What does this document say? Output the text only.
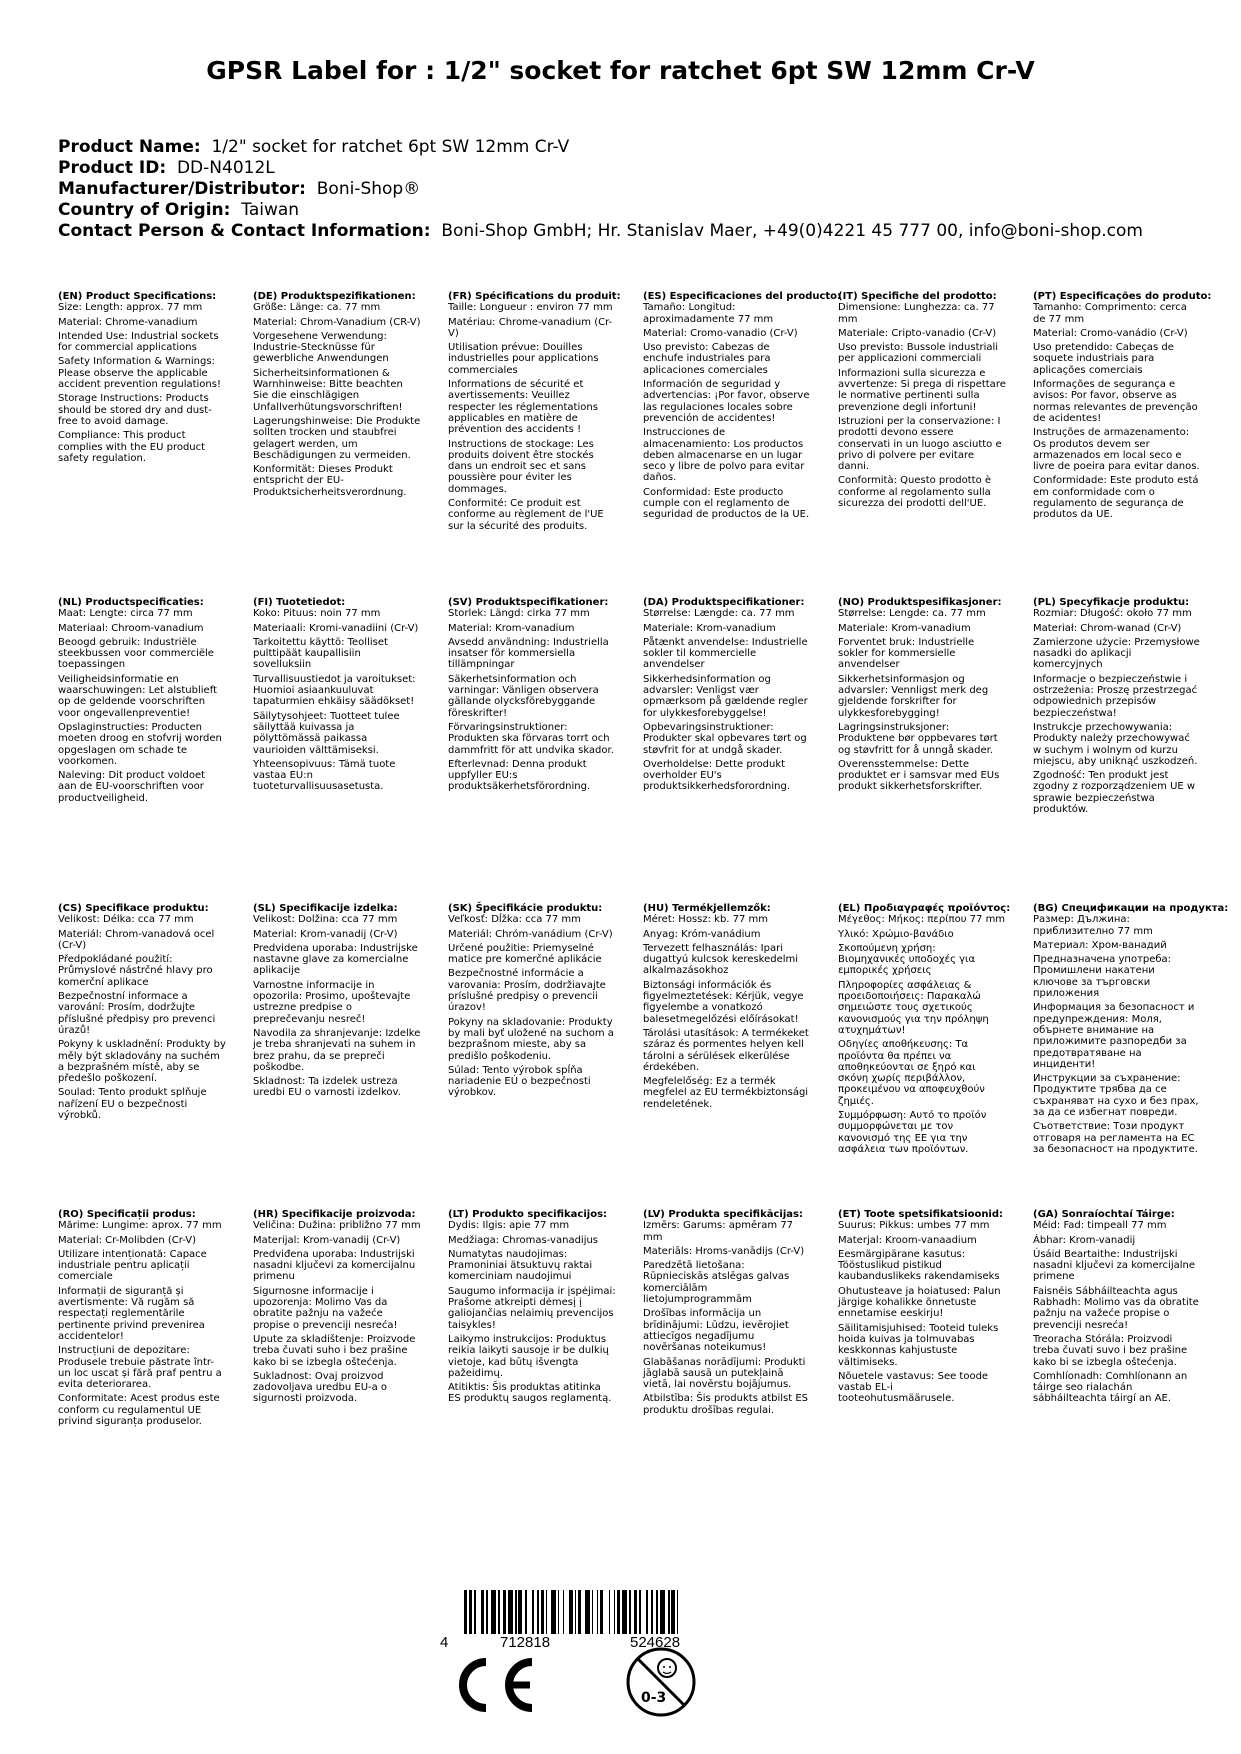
GPSR Label for : 1/2" socket for ratchet 6pt SW 12mm Cr-V
Product Name: 1/2" socket for ratchet 6pt SW 12mm Cr-V
Product ID: DD-N4012L
Manufacturer/Distributor: Boni-Shop®
Country of Origin: Taiwan
Contact Person & Contact Information: Boni-Shop GmbH; Hr. Stanislav Maer, +49(0)4221 45 777 00, info@boni-shop.com
(EN) Product Specifications:
Size: Length: approx. 77 mm
Material: Chrome-vanadium
Intended Use: Industrial sockets for commercial applications
Safety Information & Warnings: Please observe the applicable accident prevention regulations!
Storage Instructions: Products should be stored dry and dust-free to avoid damage.
Compliance: This product complies with the EU product safety regulation.
(DE) Produktspezifikationen:
Größe: Länge: ca. 77 mm
Material: Chrom-Vanadium (CR-V)
Vorgesehene Verwendung: Industrie-Stecknüsse für gewerbliche Anwendungen
Sicherheitsinformationen & Warnhinweise: Bitte beachten Sie die einschlägigen Unfallverhütungsvorschriften!
Lagerungshinweise: Die Produkte sollten trocken und staubfrei gelagert werden, um Beschädigungen zu vermeiden.
Konformität: Dieses Produkt entspricht der EU-Produktsicherheitsverordnung.
(FR) Spécifications du produit:
Taille: Longueur : environ 77 mm
Matériau: Chrome-vanadium (Cr-V)
Utilisation prévue: Douilles industrielles pour applications commerciales
Informations de sécurité et avertissements: Veuillez respecter les réglementations applicables en matière de prévention des accidents !
Instructions de stockage: Les produits doivent être stockés dans un endroit sec et sans poussière pour éviter les dommages.
Conformité: Ce produit est conforme au règlement de l'UE sur la sécurité des produits.
(ES) Especificaciones del producto:
Tamaño: Longitud: aproximadamente 77 mm
Material: Cromo-vanadio (Cr-V)
Uso previsto: Cabezas de enchufe industriales para aplicaciones comerciales
Información de seguridad y advertencias: ¡Por favor, observe las regulaciones locales sobre prevención de accidentes!
Instrucciones de almacenamiento: Los productos deben almacenarse en un lugar seco y libre de polvo para evitar daños.
Conformidad: Este producto cumple con el reglamento de seguridad de productos de la UE.
(IT) Specifiche del prodotto:
Dimensione: Lunghezza: ca. 77 mm
Materiale: Cripto-vanadio (Cr-V)
Uso previsto: Bussole industriali per applicazioni commerciali
Informazioni sulla sicurezza e avvertenze: Si prega di rispettare le normative pertinenti sulla prevenzione degli infortuni!
Istruzioni per la conservazione: I prodotti devono essere conservati in un luogo asciutto e privo di polvere per evitare danni.
Conformità: Questo prodotto è conforme al regolamento sulla sicurezza dei prodotti dell'UE.
(PT) Especificações do produto:
Tamanho: Comprimento: cerca de 77 mm
Material: Cromo-vanádio (Cr-V)
Uso pretendido: Cabeças de soquete industriais para aplicações comerciais
Informações de segurança e avisos: Por favor, observe as normas relevantes de prevenção de acidentes!
Instruções de armazenamento: Os produtos devem ser armazenados em local seco e livre de poeira para evitar danos.
Conformidade: Este produto está em conformidade com o regulamento de segurança de produtos da UE.
(NL) Productspecificaties:
Maat: Lengte: circa 77 mm
Materiaal: Chroom-vanadium
Beoogd gebruik: Industriële steekbussen voor commerciële toepassingen
Veiligheidsinformatie en waarschuwingen: Let alstublieft op de geldende voorschriften voor ongevallenpreventie!
Opslaginstructies: Producten moeten droog en stofvrij worden opgeslagen om schade te voorkomen.
Naleving: Dit product voldoet aan de EU-voorschriften voor productveiligheid.
(FI) Tuotetiedot:
Koko: Pituus: noin 77 mm
Materiaali: Kromi-vanadiini (Cr-V)
Tarkoitettu käyttö: Teolliset pulttipäät kaupallisiin sovelluksiin
Turvallisuustiedot ja varoitukset: Huomioi asiaankuuluvat tapaturmien ehkäisy säädökset!
Säilytysohjeet: Tuotteet tulee säilyttää kuivassa ja pölyttömässä paikassa vaurioiden välttämiseksi.
Yhteensopivuus: Tämä tuote vastaa EU:n tuoteturvallisuusasetusta.
(SV) Produktspecifikationer:
Storlek: Längd: cirka 77 mm
Material: Krom-vanadium
Avsedd användning: Industriella insatser för kommersiella tillämpningar
Säkerhetsinformation och varningar: Vänligen observera gällande olycksförebyggande föreskrifter!
Förvaringsinstruktioner: Produkten ska förvaras torrt och dammfritt för att undvika skador.
Efterlevnad: Denna produkt uppfyller EU:s produktsäkerhetsförordning.
(DA) Produktspecifikationer:
Størrelse: Længde: ca. 77 mm
Materiale: Krom-vanadium
Påtænkt anvendelse: Industrielle sokler til kommercielle anvendelser
Sikkerhedsinformation og advarsler: Venligst vær opmærksom på gældende regler for ulykkesforebyggelse!
Opbevaringsinstruktioner: Produkter skal opbevares tørt og støvfrit for at undgå skader.
Overholdelse: Dette produkt overholder EU's produktsikkerhedsforordning.
(NO) Produktspesifikasjoner:
Størrelse: Lengde: ca. 77 mm
Materiale: Krom-vanadium
Forventet bruk: Industrielle sokler for kommersielle anvendelser
Sikkerhetsinformasjon og advarsler: Vennligst merk deg gjeldende forskrifter for ulykkesforebygging!
Lagringsinstruksjoner: Produktene bør oppbevares tørt og støvfritt for å unngå skader.
Overensstemmelse: Dette produktet er i samsvar med EUs produkt sikkerhetsforskrifter.
(PL) Specyfikacje produktu:
Rozmiar: Długość: około 77 mm
Materiał: Chrom-wanad (Cr-V)
Zamierzone użycie: Przemysłowe nasadki do aplikacji komercyjnych
Informacje o bezpieczeństwie i ostrzeżenia: Proszę przestrzegać odpowiednich przepisów bezpieczeństwa!
Instrukcje przechowywania: Produkty należy przechowywać w suchym i wolnym od kurzu miejscu, aby uniknąć uszkodzeń.
Zgodność: Ten produkt jest zgodny z rozporządzeniem UE w sprawie bezpieczeństwa produktów.
(CS) Specifikace produktu:
Velikost: Délka: cca 77 mm
Materiál: Chrom-vanadová ocel (Cr-V)
Předpokládané použití: Průmyslové nástrčné hlavy pro komerční aplikace
Bezpečnostní informace a varování: Prosím, dodržujte příslušné předpisy pro prevenci úrazů!
Pokyny k uskladnění: Produkty by měly být skladovány na suchém a bezprašném místě, aby se předešlo poškození.
Soulad: Tento produkt splňuje nařízení EU o bezpečnosti výrobků.
(SL) Specifikacije izdelka:
Velikost: Dolžina: cca 77 mm
Material: Krom-vanadij (Cr-V)
Predvidena uporaba: Industrijske nastavne glave za komercialne aplikacije
Varnostne informacije in opozorila: Prosimo, upoštevajte ustrezne predpise o preprečevanju nesreč!
Navodila za shranjevanje: Izdelke je treba shranjevati na suhem in brez prahu, da se prepreči poškodbe.
Skladnost: Ta izdelek ustreza uredbi EU o varnosti izdelkov.
(SK) Špecifikácie produktu:
Veľkosť: Dĺžka: cca 77 mm
Materiál: Chróm-vanádium (Cr-V)
Určené použitie: Priemyselné matice pre komerčné aplikácie
Bezpečnostné informácie a varovania: Prosím, dodržiavajte príslušné predpisy o prevencii úrazov!
Pokyny na skladovanie: Produkty by mali byť uložené na suchom a bezprašnom mieste, aby sa predišlo poškodeniu.
Súlad: Tento výrobok spĺňa nariadenie EÚ o bezpečnosti výrobkov.
(HU) Termékjellemzők:
Méret: Hossz: kb. 77 mm
Anyag: Króm-vanádium
Tervezett felhasználás: Ipari dugattyú kulcsok kereskedelmi alkalmazásokhoz
Biztonsági információk és figyelmeztetések: Kérjük, vegye figyelembe a vonatkozó balesetmegelőzési előírásokat!
Tárolási utasítások: A termékeket száraz és pormentes helyen kell tárolni a sérülések elkerülése érdekében.
Megfelelőség: Ez a termék megfelel az EU termékbiztonsági rendeletének.
(EL) Προδιαγραφές προϊόντος:
Μέγεθος: Μήκος: περίπου 77 mm
Υλικό: Χρώμιο-βανάδιο
Σκοπούμενη χρήση: Βιομηχανικές υποδοχές για εμπορικές χρήσεις
Πληροφορίες ασφάλειας & προειδοποιήσεις: Παρακαλώ σημειώστε τους σχετικούς κανονισμούς για την πρόληψη ατυχημάτων!
Οδηγίες αποθήκευσης: Τα προϊόντα θα πρέπει να αποθηκεύονται σε ξηρό και σκόνη χωρίς περιβάλλον, προκειμένου να αποφευχθούν ζημιές.
Συμμόρφωση: Αυτό το προϊόν συμμορφώνεται με τον κανονισμό της ΕΕ για την ασφάλεια των προϊόντων.
(BG) Спецификации на продукта:
Размер: Дължина: приблизително 77 mm
Материал: Хром-ванадий
Предназначена употреба: Промишлени накатени ключове за търговски приложения
Информация за безопасност и предупреждения: Моля, обърнете внимание на приложимите разпоредби за предотвратяване на инциденти!
Инструкции за съхранение: Продуктите трябва да се съхраняват на сухо и без прах, за да се избегнат повреди.
Съответствие: Този продукт отговаря на регламента на ЕС за безопасност на продуктите.
(RO) Specificații produs:
Mărime: Lungime: aprox. 77 mm
Material: Cr-Molibden (Cr-V)
Utilizare intenționată: Capace industriale pentru aplicații comerciale
Informații de siguranță și avertismente: Vă rugăm să respectați reglementările pertinente privind prevenirea accidentelor!
Instrucțiuni de depozitare: Produsele trebuie păstrate într-un loc uscat și fără praf pentru a evita deteriorarea.
Conformitate: Acest produs este conform cu regulamentul UE privind siguranța produselor.
(HR) Specifikacije proizvoda:
Veličina: Dužina: približno 77 mm
Materijal: Krom-vanadij (Cr-V)
Predviđena uporaba: Industrijski nasadni ključevi za komercijalnu primenu
Sigurnosne informacije i upozorenja: Molimo Vas da obratite pažnju na važeće propise o prevenciji nesreća!
Upute za skladištenje: Proizvode treba čuvati suho i bez prašine kako bi se izbegla oštećenja.
Sukladnost: Ovaj proizvod zadovoljava uredbu EU-a o sigurnosti proizvoda.
(LT) Produkto specifikacijos:
Dydis: Ilgis: apie 77 mm
Medžiaga: Chromas-vanadijus
Numatytas naudojimas: Pramoniniai ätsuktuvų raktai komerciniam naudojimui
Saugumo informacija ir įspėjimai: Prašome atkreipti dėmesį į galiojančias nelaimių prevencijos taisykles!
Laikymo instrukcijos: Produktus reikia laikyti sausoje ir be dulkių vietoje, kad būtų išvengta pažeidimų.
Atitiktis: Šis produktas atitinka ES produktų saugos reglamentą.
(LV) Produkta specifikācijas:
Izmērs: Garums: apmēram 77 mm
Materiāls: Hroms-vanādijs (Cr-V)
Paredzētā lietošana: Rūpnieciskās atslēgas galvas komerciālām lietojumprogrammām
Drošības informācija un brīdinājumi: Lūdzu, ievērojiet attiecīgos negadījumu novēršanas noteikumus!
Glabāšanas norādījumi: Produkti jāglabā sausā un putekļainā vietā, lai novērstu bojājumus.
Atbilstība: Šis produkts atbilst ES produktu drošības regulai.
(ET) Toote spetsifikatsioonid:
Suurus: Pikkus: umbes 77 mm
Materjal: Kroom-vanaadium
Eesmärgipärane kasutus: Tööstuslikud pistikud kaubanduslikeks rakendamiseks
Ohutusteave ja hoiatused: Palun järgige kohalikke õnnetuste ennetamise eeskirju!
Säilitamisjuhised: Tooteid tuleks hoida kuivas ja tolmuvabas keskkonnas kahjustuste vältimiseks.
Nõuetele vastavus: See toode vastab EL-i tooteohutusmäärusele.
(GA) Sonraíochtaí Táirge:
Méid: Fad: timpeall 77 mm
Ábhar: Krom-vanadij
Úsáid Beartaithe: Industrijski nasadni ključevi za komercijalne primene
Faisnéis Sábháilteachta agus Rabhadh: Molimo vas da obratite pažnju na važeće propise o prevenciji nesreća!
Treoracha Stórála: Proizvodi treba čuvati suvo i bez prašine kako bi se izbegla oštećenja.
Comhlíonadh: Comhlíonann an táirge seo rialachán sábháilteachta táirgí an AE.
4	712818	524628
0-3
